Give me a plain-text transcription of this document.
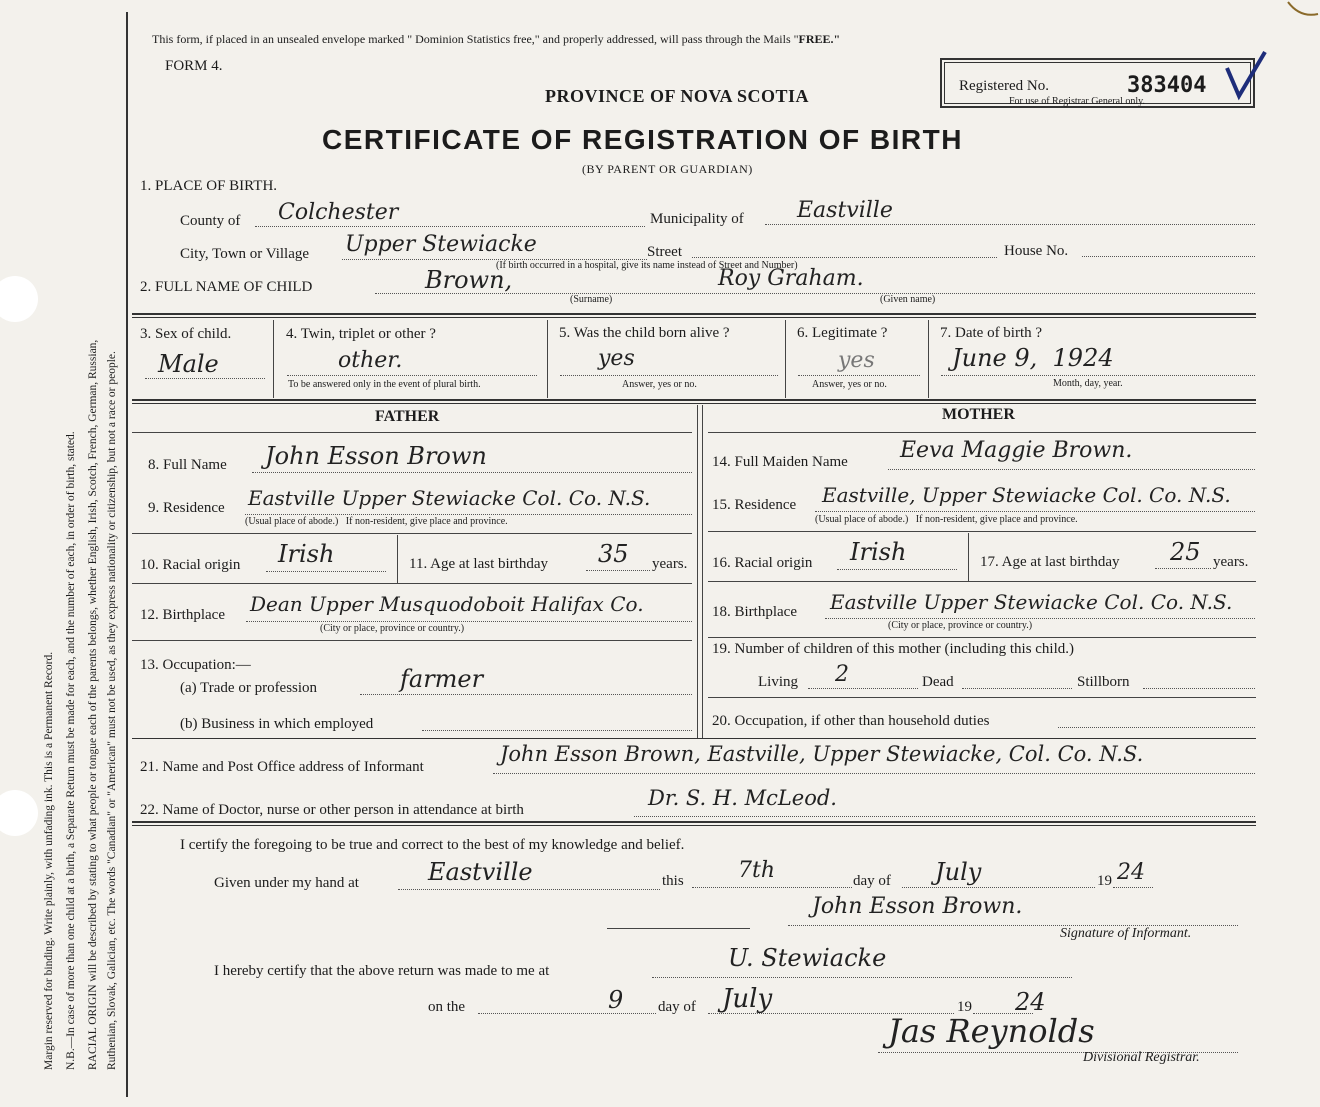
Margin reserved for binding. Write plainly, with unfading ink. This is a Permanent Record. N.B.—In case of more than one child at a birth, a Separate Return must be made for each, and the number of each, in order of birth, stated. RACIAL ORIGIN will be described by stating to what people or tongue each of the parents belongs, whether English, Irish, Scotch, French, German, Russian, Ruthenian, Slovak, Galician, etc. The words "Canadian" or "American" must not be used, as they express nationality or citizenship, but not a race or people.
This form, if placed in an unsealed envelope marked " Dominion Statistics free," and properly addressed, will pass through the Mails "FREE."
FORM 4.
PROVINCE OF NOVA SCOTIA	Registered No.	383404
For use of Registrar General only.
CERTIFICATE OF REGISTRATION OF BIRTH
(BY PARENT OR GUARDIAN)
1. PLACE OF BIRTH.
County of Colchester	Municipality of Eastville
City, Town or Village Upper Stewiacke	Street	House No.
(If birth occurred in a hospital, give its name instead of Street and Number)
2. FULL NAME OF CHILD	Brown,
(Surname)
Roy Graham.
(Given name)
3. Sex of child.
Male
4. Twin, triplet or other ?
other.
To be answered only in the event of plural birth.
5. Was the child born alive ?
yes
Answer, yes or no.
6. Legitimate ?
yes
Answer, yes or no.
7. Date of birth ?
June 9,  1924
Month, day, year.
FATHER
8. Full Name John Esson Brown
9. Residence Eastville Upper Stewiacke Col. Co. N.S.
(Usual place of abode.)   If non-resident, give place and province.
10. Racial origin Irish	11. Age at last birthday 35 years.
12. Birthplace Dean Upper Musquodoboit Halifax Co.
(City or place, province or country.)
13. Occupation:—
(a) Trade or profession	farmer
(b) Business in which employed
MOTHER
14. Full Maiden Name Eeva Maggie Brown.
15. Residence Eastville, Upper Stewiacke Col. Co. N.S.
(Usual place of abode.)   If non-resident, give place and province.
16. Racial origin Irish	17. Age at last birthday 25 years.
18. Birthplace Eastville Upper Stewiacke Col. Co. N.S.
(City or place, province or country.)
19. Number of children of this mother (including this child.)
Living 2	Dead	Stillborn
20. Occupation, if other than household duties
21. Name and Post Office address of Informant
John Esson Brown, Eastville, Upper Stewiacke, Col. Co. N.S.
22. Name of Doctor, nurse or other person in attendance at birth	Dr. S. H. McLeod.
I certify the foregoing to be true and correct to the best of my knowledge and belief.
Given under my hand at	Eastville	this 7th	day of July	19 24
John Esson Brown.
Signature of Informant.
I hereby certify that the above return was made to me at	U. Stewiacke
on the	9 day of July	19 24
Jas Reynolds
Divisional Registrar.
